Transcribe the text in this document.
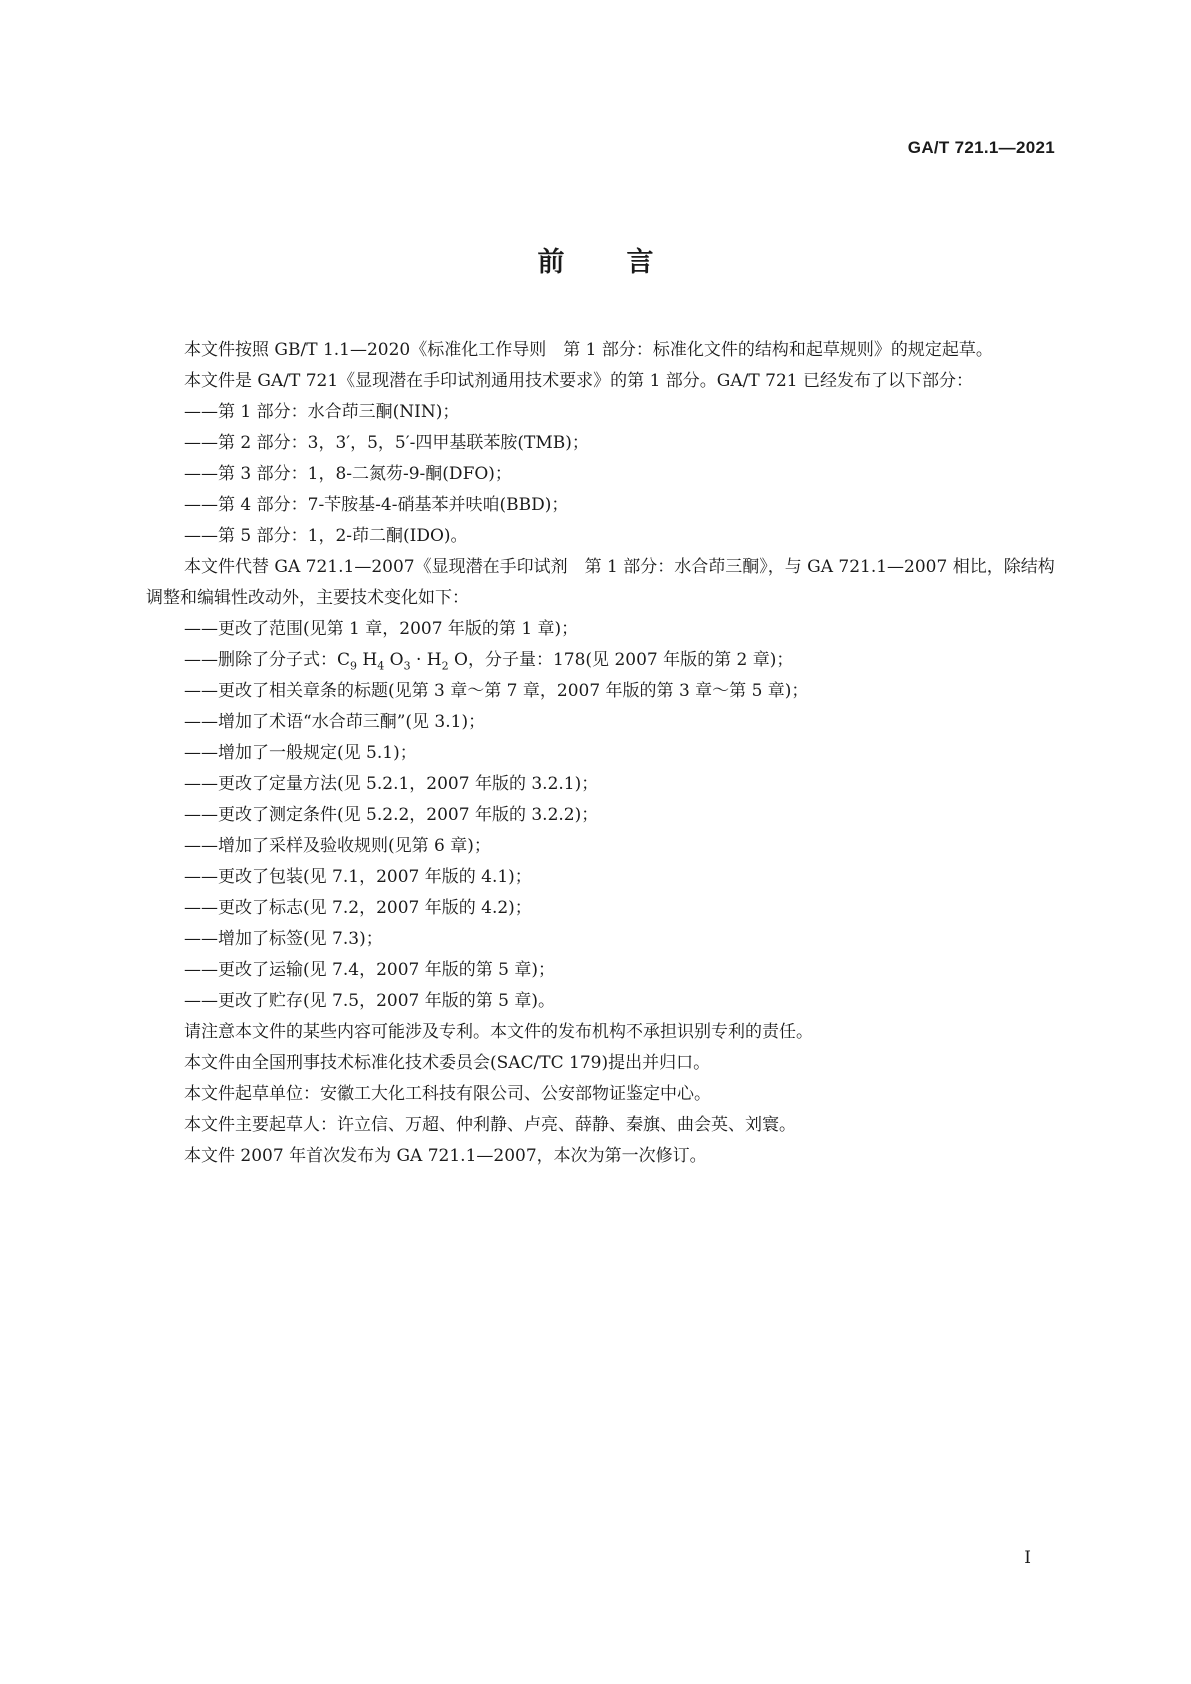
GA/T 721.1—2021
前 言

本文件按照 GB/T 1.1—2020《标准化工作导则　第 1 部分：标准化文件的结构和起草规则》的规定起草。

本文件是 GA/T 721《显现潜在手印试剂通用技术要求》的第 1 部分。GA/T 721 已经发布了以下部分：

——第 1 部分：水合茚三酮(NIN)；
——第 2 部分：3，3′，5，5′-四甲基联苯胺(TMB)；
——第 3 部分：1，8-二氮芴-9-酮(DFO)；
——第 4 部分：7-苄胺基-4-硝基苯并呋咱(BBD)；
——第 5 部分：1，2-茚二酮(IDO)。

本文件代替 GA 721.1—2007《显现潜在手印试剂　第 1 部分：水合茚三酮》，与 GA 721.1—2007 相比，除结构调整和编辑性改动外，主要技术变化如下：

——更改了范围(见第 1 章，2007 年版的第 1 章)；
——删除了分子式：$C_9$ $H_4$ $O_3 \cdot H_2$ O，分子量：178(见 2007 年版的第 2 章)；
——更改了相关章条的标题(见第 3 章～第 7 章，2007 年版的第 3 章～第 5 章)；
——增加了术语“水合茚三酮”(见 3.1)；
——增加了一般规定(见 5.1)；
——更改了定量方法(见 5.2.1，2007 年版的 3.2.1)；
——更改了测定条件(见 5.2.2，2007 年版的 3.2.2)；
——增加了采样及验收规则(见第 6 章)；
——更改了包装(见 7.1，2007 年版的 4.1)；
——更改了标志(见 7.2，2007 年版的 4.2)；
——增加了标签(见 7.3)；
——更改了运输(见 7.4，2007 年版的第 5 章)；
——更改了贮存(见 7.5，2007 年版的第 5 章)。

请注意本文件的某些内容可能涉及专利。本文件的发布机构不承担识别专利的责任。

本文件由全国刑事技术标准化技术委员会(SAC/TC 179)提出并归口。

本文件起草单位：安徽工大化工科技有限公司、公安部物证鉴定中心。

本文件主要起草人：许立信、万超、仲利静、卢亮、薛静、秦旗、曲会英、刘寰。

本文件 2007 年首次发布为 GA 721.1—2007，本次为第一次修订。

I
